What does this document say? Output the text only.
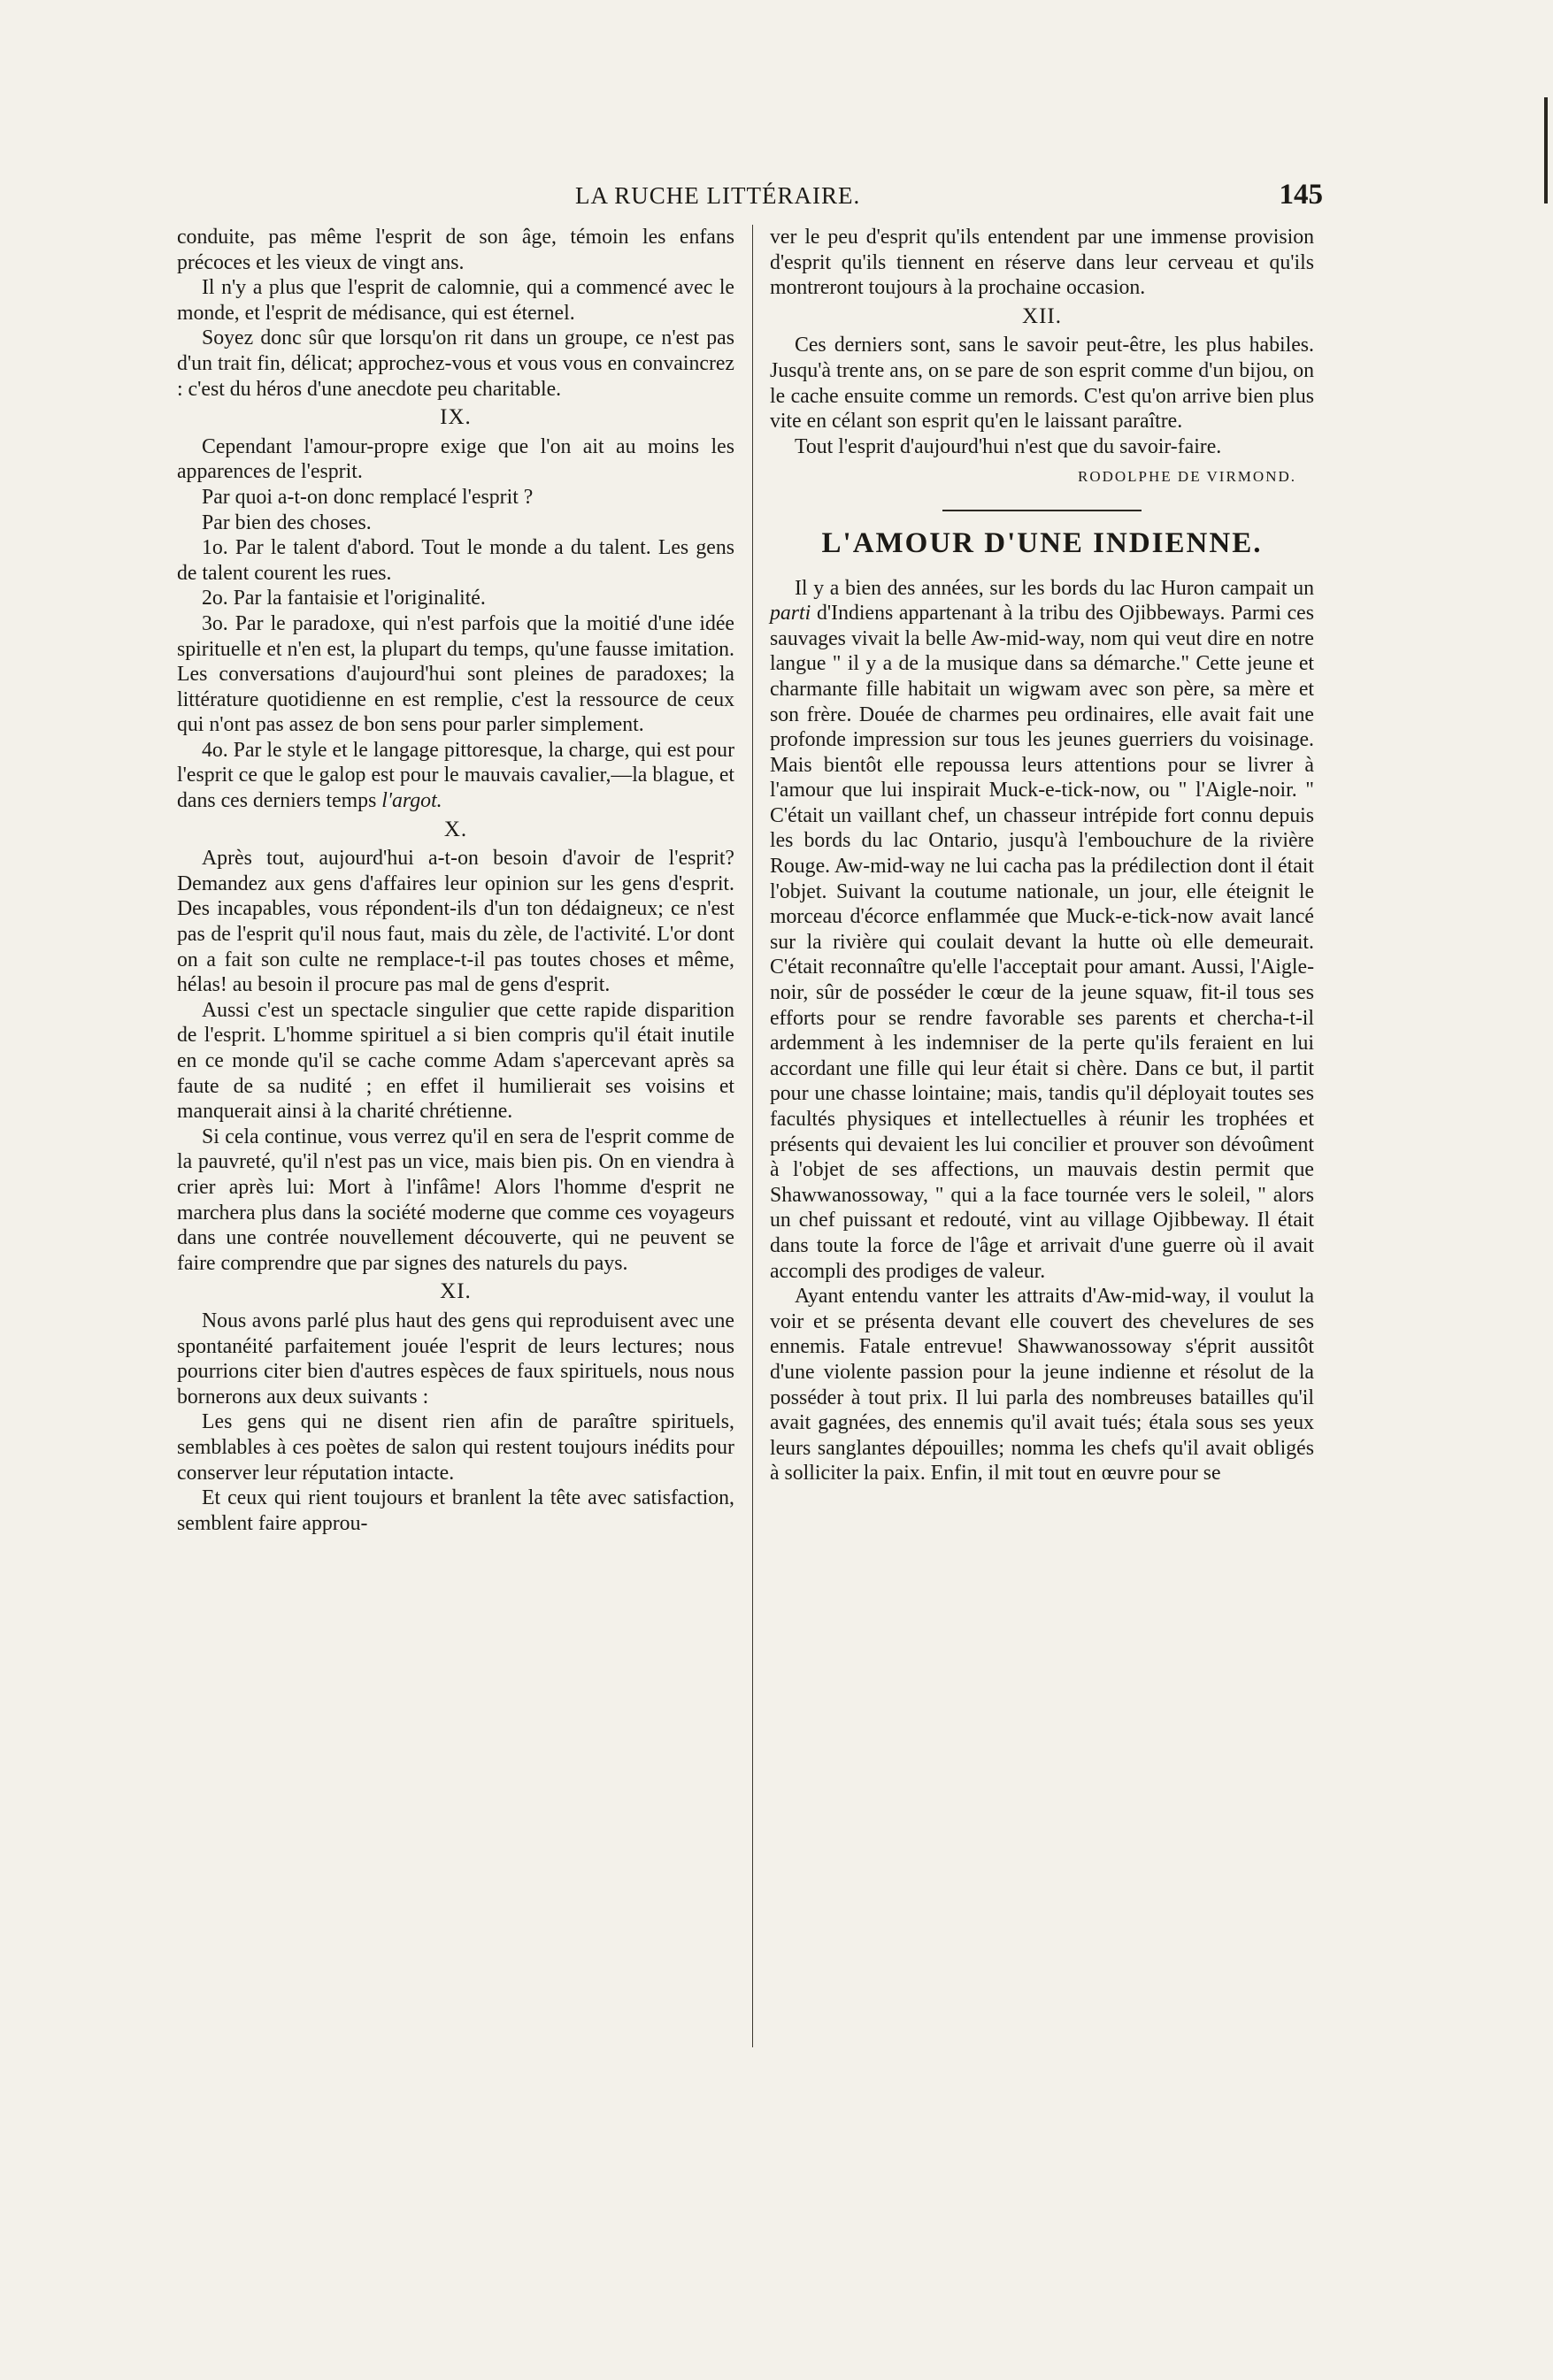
LA RUCHE LITTÉRAIRE.	145

conduite, pas même l'esprit de son âge, témoin les enfans précoces et les vieux de vingt ans.

Il n'y a plus que l'esprit de calomnie, qui a commencé avec le monde, et l'esprit de médisance, qui est éternel.

Soyez donc sûr que lorsqu'on rit dans un groupe, ce n'est pas d'un trait fin, délicat; approchez-vous et vous vous en convaincrez : c'est du héros d'une anecdote peu charitable.

IX.

Cependant l'amour-propre exige que l'on ait au moins les apparences de l'esprit.

Par quoi a-t-on donc remplacé l'esprit ?

Par bien des choses.

1o. Par le talent d'abord. Tout le monde a du talent. Les gens de talent courent les rues.

2o. Par la fantaisie et l'originalité.

3o. Par le paradoxe, qui n'est parfois que la moitié d'une idée spirituelle et n'en est, la plupart du temps, qu'une fausse imitation. Les conversations d'aujourd'hui sont pleines de paradoxes; la littérature quotidienne en est remplie, c'est la ressource de ceux qui n'ont pas assez de bon sens pour parler simplement.

4o. Par le style et le langage pittoresque, la charge, qui est pour l'esprit ce que le galop est pour le mauvais cavalier,—la blague, et dans ces derniers temps l'argot.

X.

Après tout, aujourd'hui a-t-on besoin d'avoir de l'esprit? Demandez aux gens d'affaires leur opinion sur les gens d'esprit. Des incapables, vous répondent-ils d'un ton dédaigneux; ce n'est pas de l'esprit qu'il nous faut, mais du zèle, de l'activité. L'or dont on a fait son culte ne remplace-t-il pas toutes choses et même, hélas! au besoin il procure pas mal de gens d'esprit.

Aussi c'est un spectacle singulier que cette rapide disparition de l'esprit. L'homme spirituel a si bien compris qu'il était inutile en ce monde qu'il se cache comme Adam s'apercevant après sa faute de sa nudité ; en effet il humilierait ses voisins et manquerait ainsi à la charité chrétienne.

Si cela continue, vous verrez qu'il en sera de l'esprit comme de la pauvreté, qu'il n'est pas un vice, mais bien pis. On en viendra à crier après lui: Mort à l'infâme! Alors l'homme d'esprit ne marchera plus dans la société moderne que comme ces voyageurs dans une contrée nouvellement découverte, qui ne peuvent se faire comprendre que par signes des naturels du pays.

XI.

Nous avons parlé plus haut des gens qui reproduisent avec une spontanéité parfaitement jouée l'esprit de leurs lectures; nous pourrions citer bien d'autres espèces de faux spirituels, nous nous bornerons aux deux suivants :

Les gens qui ne disent rien afin de paraître spirituels, semblables à ces poètes de salon qui restent toujours inédits pour conserver leur réputation intacte.

Et ceux qui rient toujours et branlent la tête avec satisfaction, semblent faire approu-

ver le peu d'esprit qu'ils entendent par une immense provision d'esprit qu'ils tiennent en réserve dans leur cerveau et qu'ils montreront toujours à la prochaine occasion.

XII.

Ces derniers sont, sans le savoir peut-être, les plus habiles. Jusqu'à trente ans, on se pare de son esprit comme d'un bijou, on le cache ensuite comme un remords. C'est qu'on arrive bien plus vite en célant son esprit qu'en le laissant paraître.

Tout l'esprit d'aujourd'hui n'est que du savoir-faire.

RODOLPHE DE VIRMOND.
L'AMOUR D'UNE INDIENNE.

Il y a bien des années, sur les bords du lac Huron campait un parti d'Indiens appartenant à la tribu des Ojibbeways. Parmi ces sauvages vivait la belle Aw-mid-way, nom qui veut dire en notre langue " il y a de la musique dans sa démarche." Cette jeune et charmante fille habitait un wigwam avec son père, sa mère et son frère. Douée de charmes peu ordinaires, elle avait fait une profonde impression sur tous les jeunes guerriers du voisinage. Mais bientôt elle repoussa leurs attentions pour se livrer à l'amour que lui inspirait Muck-e-tick-now, ou " l'Aigle-noir. " C'était un vaillant chef, un chasseur intrépide fort connu depuis les bords du lac Ontario, jusqu'à l'embouchure de la rivière Rouge. Aw-mid-way ne lui cacha pas la prédilection dont il était l'objet. Suivant la coutume nationale, un jour, elle éteignit le morceau d'écorce enflammée que Muck-e-tick-now avait lancé sur la rivière qui coulait devant la hutte où elle demeurait. C'était reconnaître qu'elle l'acceptait pour amant. Aussi, l'Aigle-noir, sûr de posséder le cœur de la jeune squaw, fit-il tous ses efforts pour se rendre favorable ses parents et chercha-t-il ardemment à les indemniser de la perte qu'ils feraient en lui accordant une fille qui leur était si chère. Dans ce but, il partit pour une chasse lointaine; mais, tandis qu'il déployait toutes ses facultés physiques et intellectuelles à réunir les trophées et présents qui devaient les lui concilier et prouver son dévoûment à l'objet de ses affections, un mauvais destin permit que Shawwanossoway, " qui a la face tournée vers le soleil, " alors un chef puissant et redouté, vint au village Ojibbeway. Il était dans toute la force de l'âge et arrivait d'une guerre où il avait accompli des prodiges de valeur.

Ayant entendu vanter les attraits d'Aw-mid-way, il voulut la voir et se présenta devant elle couvert des chevelures de ses ennemis. Fatale entrevue! Shawwanossoway s'éprit aussitôt d'une violente passion pour la jeune indienne et résolut de la posséder à tout prix. Il lui parla des nombreuses batailles qu'il avait gagnées, des ennemis qu'il avait tués; étala sous ses yeux leurs sanglantes dépouilles; nomma les chefs qu'il avait obligés à solliciter la paix. Enfin, il mit tout en œuvre pour se
